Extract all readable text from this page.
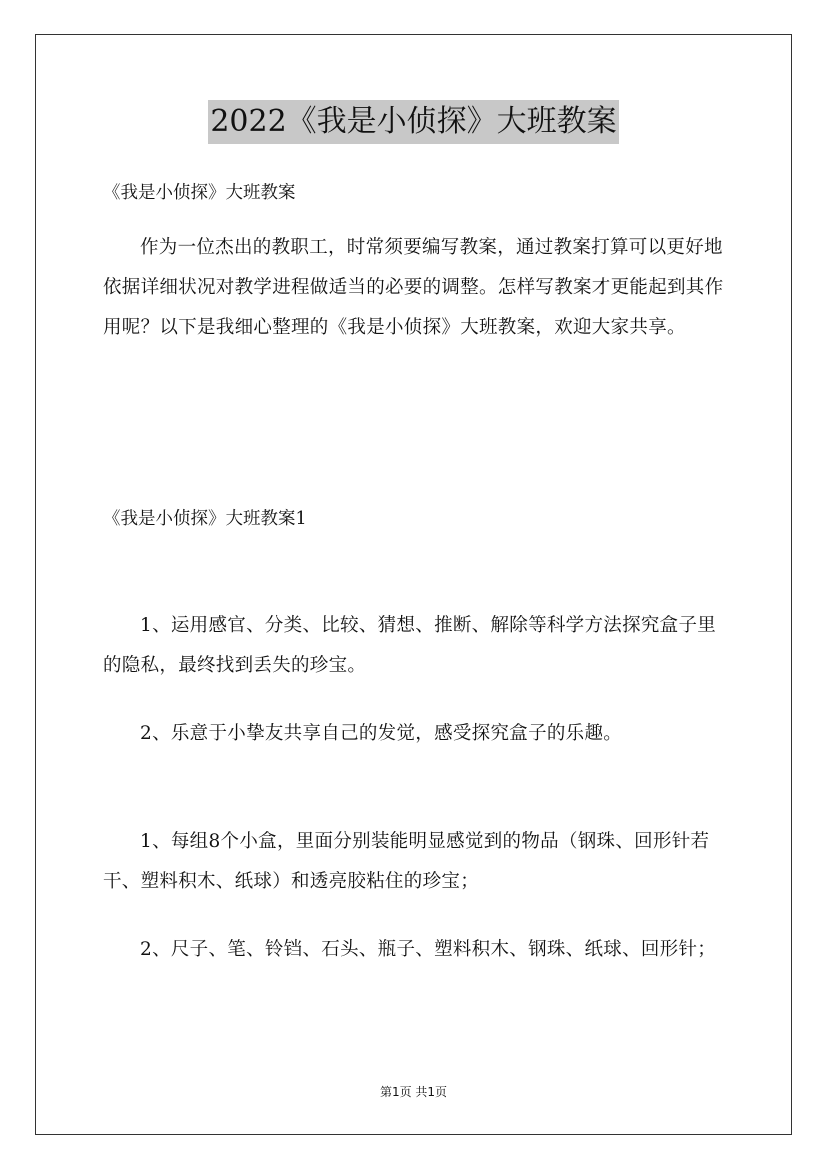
2022《我是小侦探》大班教案

《我是小侦探》大班教案

作为一位杰出的教职工，时常须要编写教案，通过教案打算可以更好地依据详细状况对教学进程做适当的必要的调整。怎样写教案才更能起到其作用呢？以下是我细心整理的《我是小侦探》大班教案，欢迎大家共享。

《我是小侦探》大班教案1

1、运用感官、分类、比较、猜想、推断、解除等科学方法探究盒子里的隐私，最终找到丢失的珍宝。

2、乐意于小挚友共享自己的发觉，感受探究盒子的乐趣。

1、每组8个小盒，里面分别装能明显感觉到的物品（钢珠、回形针若干、塑料积木、纸球）和透亮胶粘住的珍宝；

2、尺子、笔、铃铛、石头、瓶子、塑料积木、钢珠、纸球、回形针；

第1页 共1页
